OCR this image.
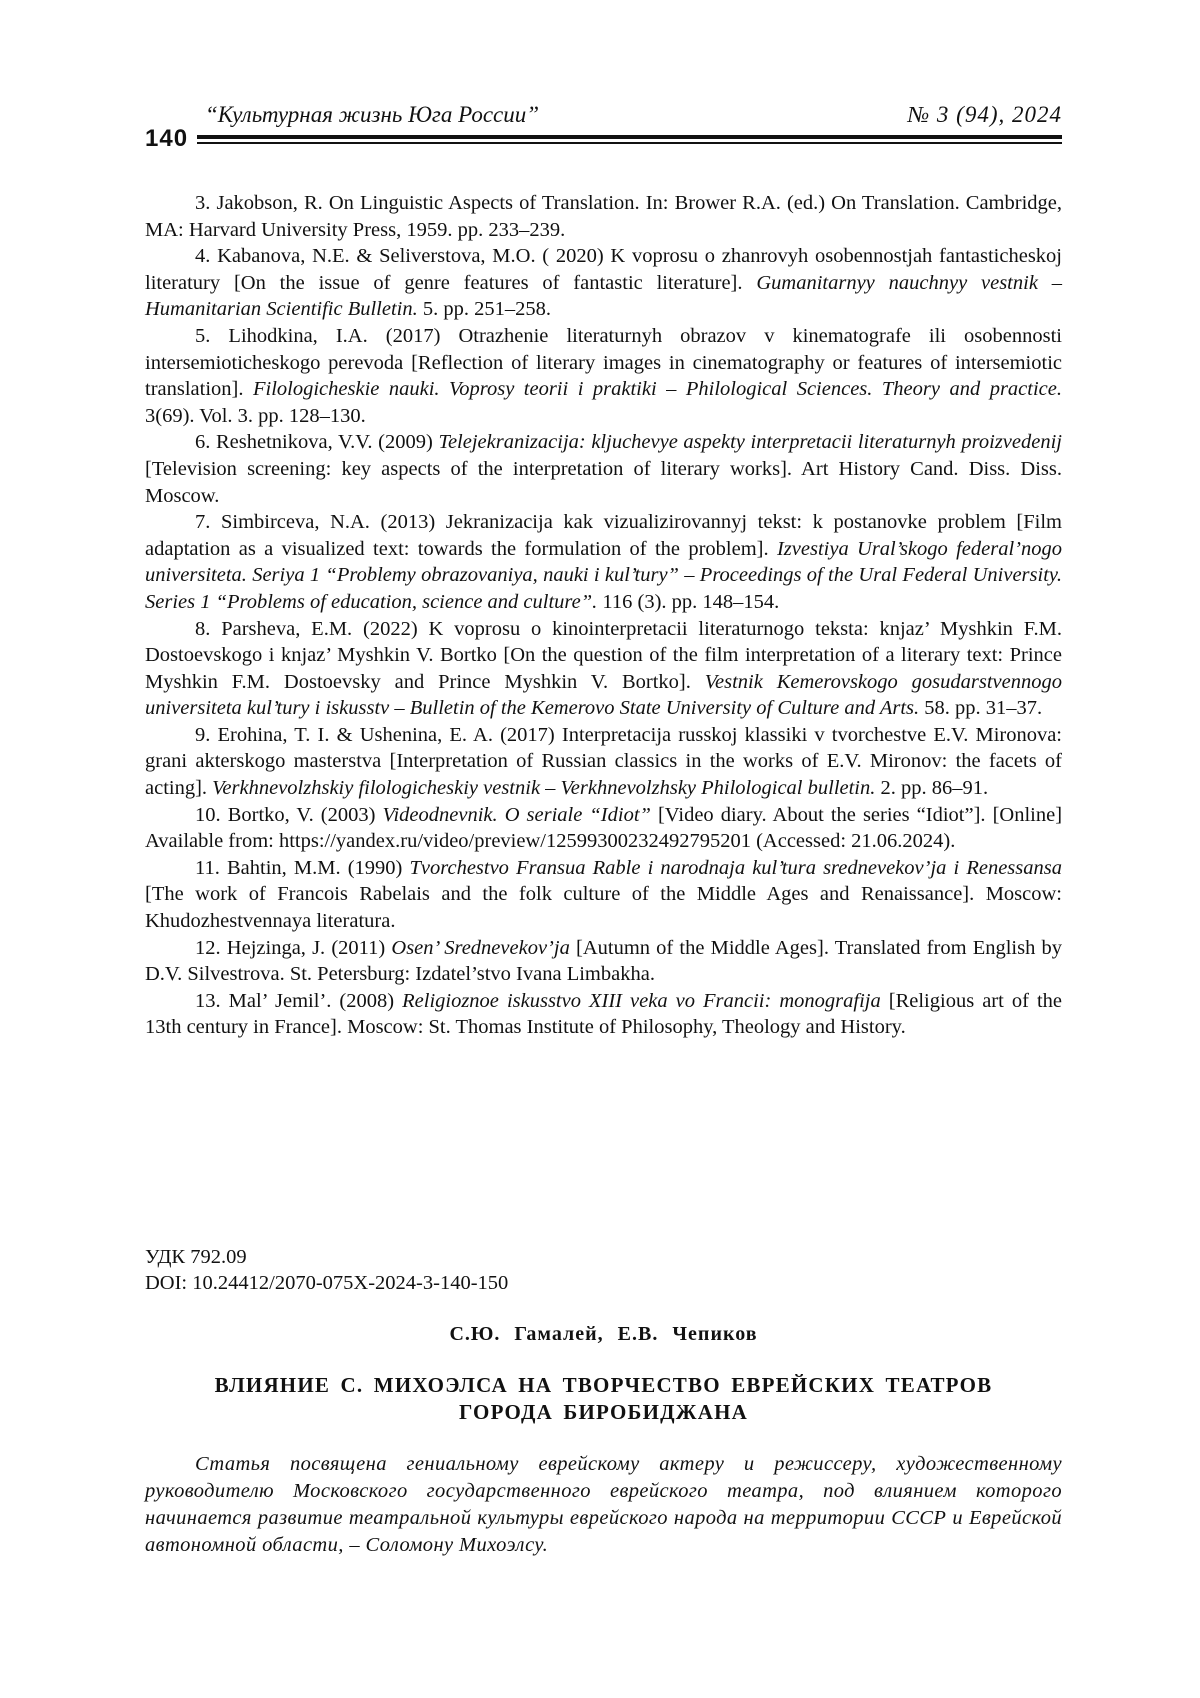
140
“Культурная жизнь Юга России”	№ 3 (94), 2024

3. Jakobson, R. On Linguistic Aspects of Translation. In: Brower R.A. (ed.) On Translation. Cambridge, MA: Harvard University Press, 1959. pp. 233–239.

4. Kabanova, N.E. & Seliverstova, M.O. ( 2020) K voprosu o zhanrovyh osobennostjah fantasticheskoj literatury [On the issue of genre features of fantastic literature]. Gumanitarnyy nauchnyy vestnik – Humanitarian Scientific Bulletin. 5. pp. 251–258.

5. Lihodkina, I.A. (2017) Otrazhenie literaturnyh obrazov v kinematografe ili osobennosti intersemioticheskogo perevoda [Reflection of literary images in cinematography or features of intersemiotic translation]. Filologicheskie nauki. Voprosy teorii i praktiki – Philological Sciences. Theory and practice. 3(69). Vol. 3. pp. 128–130.

6. Reshetnikova, V.V. (2009) Telejekranizacija: kljuchevye aspekty interpretacii literaturnyh proizvedenij [Television screening: key aspects of the interpretation of literary works]. Art History Cand. Diss. Diss. Moscow.

7. Simbirceva, N.A. (2013) Jekranizacija kak vizualizirovannyj tekst: k postanovke problem [Film adaptation as a visualized text: towards the formulation of the problem]. Izvestiya Ural’skogo federal’nogo universiteta. Seriya 1 “Problemy obrazovaniya, nauki i kul’tury” – Proceedings of the Ural Federal University. Series 1 “Problems of education, science and culture”. 116 (3). pp. 148–154.

8. Parsheva, E.M. (2022) K voprosu o kinointerpretacii literaturnogo teksta: knjaz’ Myshkin F.M. Dostoevskogo i knjaz’ Myshkin V. Bortko [On the question of the film interpretation of a literary text: Prince Myshkin F.M. Dostoevsky and Prince Myshkin V. Bortko]. Vestnik Kemerovskogo gosudarstvennogo universiteta kul’tury i iskusstv – Bulletin of the Kemerovo State University of Culture and Arts. 58. pp. 31–37.

9. Erohina, T. I. & Ushenina, E. A. (2017) Interpretacija russkoj klassiki v tvorchestve E.V. Mironova: grani akterskogo masterstva [Interpretation of Russian classics in the works of E.V. Mironov: the facets of acting]. Verkhnevolzhskiy filologicheskiy vestnik – Verkhnevolzhsky Philological bulletin. 2. pp. 86–91.

10. Bortko, V. (2003) Videodnevnik. O seriale “Idiot” [Video diary. About the series “Idiot”]. [Online] Available from: https://yandex.ru/video/preview/12599300232492795201 (Accessed: 21.06.2024).

11. Bahtin, M.M. (1990) Tvorchestvo Fransua Rable i narodnaja kul’tura srednevekov’ja i Renessansa [The work of Francois Rabelais and the folk culture of the Middle Ages and Renaissance]. Moscow: Khudozhestvennaya literatura.

12. Hejzinga, J. (2011) Osen’ Srednevekov’ja [Autumn of the Middle Ages]. Translated from English by D.V. Silvestrova. St. Petersburg: Izdatel’stvo Ivana Limbakha.

13. Mal’ Jemil’. (2008) Religioznoe iskusstvo XIII veka vo Francii: monografija [Religious art of the 13th century in France]. Moscow: St. Thomas Institute of Philosophy, Theology and History.

УДК 792.09
DOI: 10.24412/2070-075X-2024-3-140-150
С.Ю. Гамалей, Е.В. Чепиков
ВЛИЯНИЕ С. МИХОЭЛСА НА ТВОРЧЕСТВО ЕВРЕЙСКИХ ТЕАТРОВ
ГОРОДА БИРОБИДЖАНА

Статья посвящена гениальному еврейскому актеру и режиссеру, художественному руководителю Московского государственного еврейского театра, под влиянием которого начинается развитие театральной культуры еврейского народа на территории СССР и Еврейской автономной области, – Соломону Михоэлсу.
